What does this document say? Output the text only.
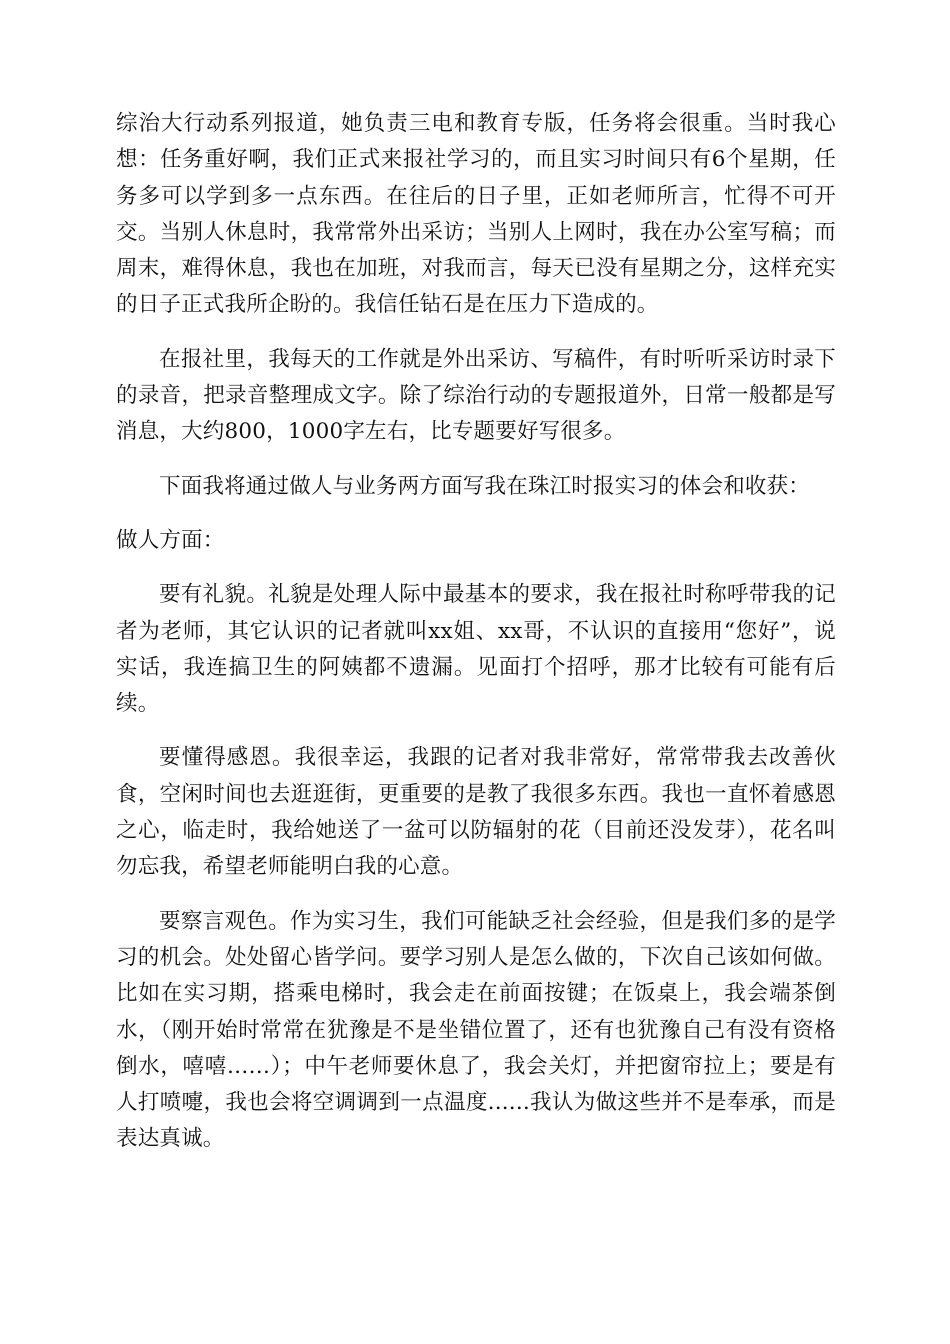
综治大行动系列报道，她负责三电和教育专版，任务将会很重。当时我心想：任务重好啊，我们正式来报社学习的，而且实习时间只有6个星期，任务多可以学到多一点东西。在往后的日子里，正如老师所言，忙得不可开交。当别人休息时，我常常外出采访；当别人上网时，我在办公室写稿；而周末，难得休息，我也在加班，对我而言，每天已没有星期之分，这样充实的日子正式我所企盼的。我信任钻石是在压力下造成的。

在报社里，我每天的工作就是外出采访、写稿件，有时听听采访时录下的录音，把录音整理成文字。除了综治行动的专题报道外，日常一般都是写消息，大约800，1000字左右，比专题要好写很多。

下面我将通过做人与业务两方面写我在珠江时报实习的体会和收获：

做人方面：

要有礼貌。礼貌是处理人际中最基本的要求，我在报社时称呼带我的记者为老师，其它认识的记者就叫xx姐、xx哥，不认识的直接用“您好”，说实话，我连搞卫生的阿姨都不遗漏。见面打个招呼，那才比较有可能有后续。

要懂得感恩。我很幸运，我跟的记者对我非常好，常常带我去改善伙食，空闲时间也去逛逛街，更重要的是教了我很多东西。我也一直怀着感恩之心，临走时，我给她送了一盆可以防辐射的花（目前还没发芽），花名叫勿忘我，希望老师能明白我的心意。

要察言观色。作为实习生，我们可能缺乏社会经验，但是我们多的是学习的机会。处处留心皆学问。要学习别人是怎么做的，下次自己该如何做。比如在实习期，搭乘电梯时，我会走在前面按键；在饭桌上，我会端茶倒水，（刚开始时常常在犹豫是不是坐错位置了，还有也犹豫自己有没有资格倒水，嘻嘻……）；中午老师要休息了，我会关灯，并把窗帘拉上；要是有人打喷嚏，我也会将空调调到一点温度......我认为做这些并不是奉承，而是表达真诚。
